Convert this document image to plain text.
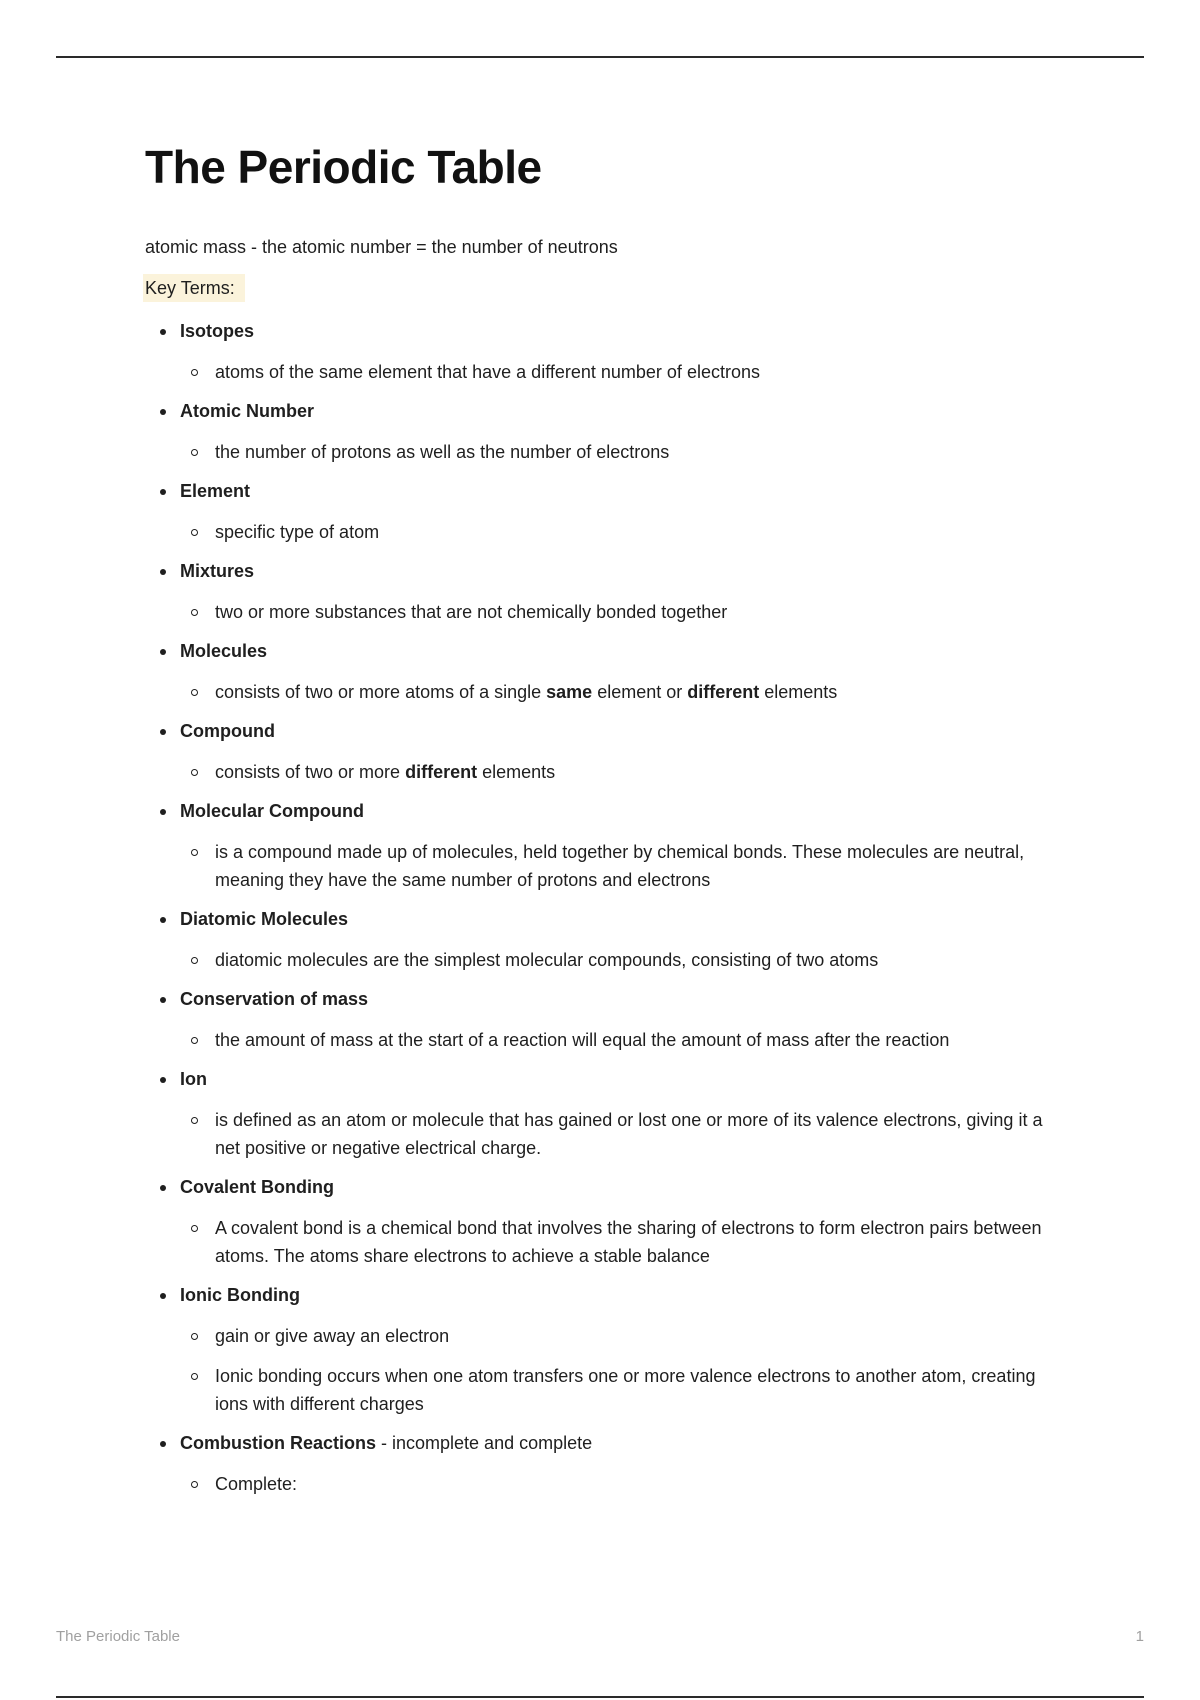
The Periodic Table

atomic mass - the atomic number = the number of neutrons

Key Terms:
Isotopes
atoms of the same element that have a different number of electrons
Atomic Number
the number of protons as well as the number of electrons
Element
specific type of atom
Mixtures
two or more substances that are not chemically bonded together
Molecules
consists of two or more atoms of a single same element or different elements
Compound
consists of two or more different elements
Molecular Compound
is a compound made up of molecules, held together by chemical bonds. These molecules are neutral, meaning they have the same number of protons and electrons
Diatomic Molecules
diatomic molecules are the simplest molecular compounds, consisting of two atoms
Conservation of mass
the amount of mass at the start of a reaction will equal the amount of mass after the reaction
Ion
is defined as an atom or molecule that has gained or lost one or more of its valence electrons, giving it a net positive or negative electrical charge.
Covalent Bonding
A covalent bond is a chemical bond that involves the sharing of electrons to form electron pairs between atoms. The atoms share electrons to achieve a stable balance
Ionic Bonding
gain or give away an electron
Ionic bonding occurs when one atom transfers one or more valence electrons to another atom, creating ions with different charges
Combustion Reactions - incomplete and complete
Complete:
The Periodic Table	1
